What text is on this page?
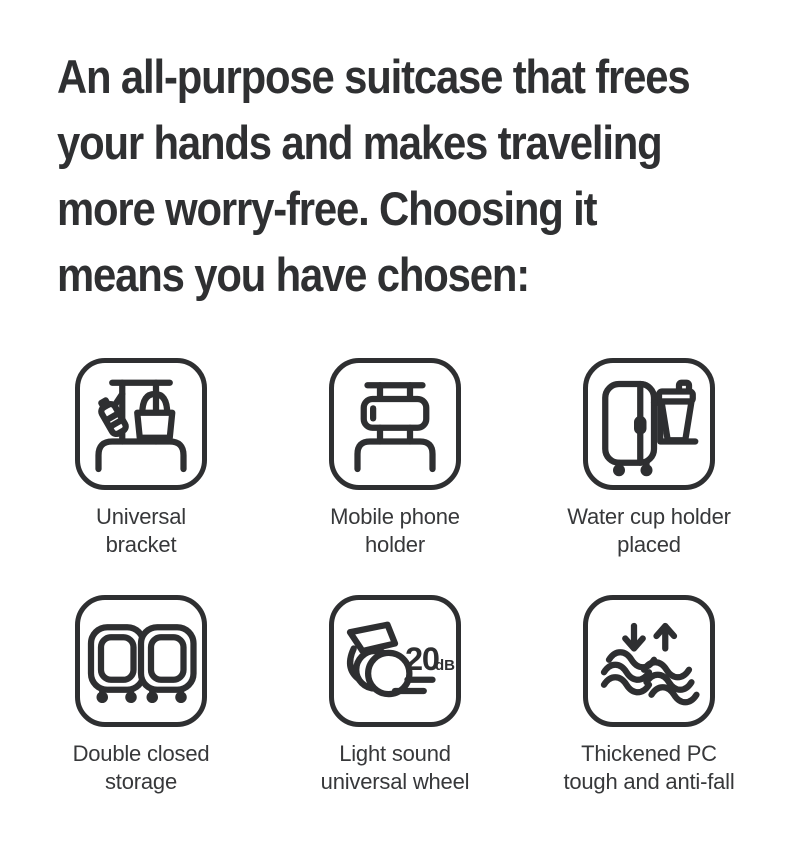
An all-purpose suitcase that frees
your hands and makes traveling
more worry-free. Choosing it
means you have chosen:
Universal
bracket
Mobile phone
holder
Water cup holder
placed
Double closed
storage
20
dB
Light sound
universal wheel
Thickened PC
tough and anti-fall
